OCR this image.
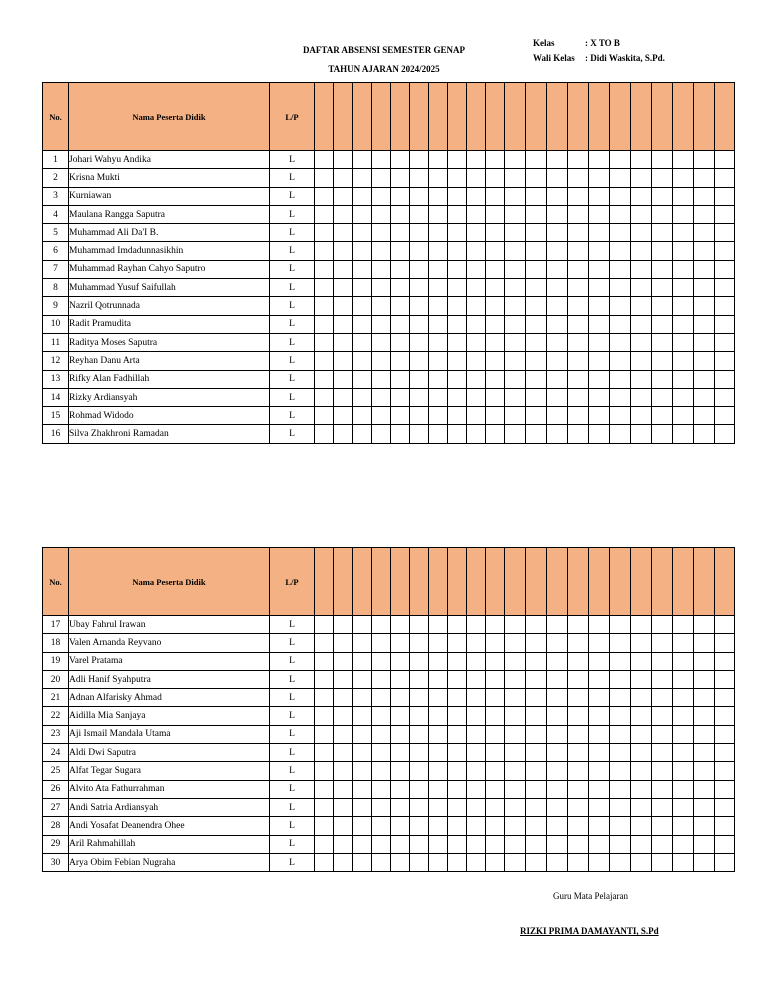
DAFTAR ABSENSI SEMESTER GENAP
TAHUN AJARAN 2024/2025
Kelas	: X TO B
Wali Kelas : Didi Waskita, S.Pd.
No.	Nama Peserta Didik	L/P																					
1	Johari Wahyu Andika	L																					
2	Krisna Mukti	L																					
3	Kurniawan	L																					
4	Maulana Rangga Saputra	L																					
5	Muhammad Ali Da'I B.	L																					
6	Muhammad Imdadunnasikhin	L																					
7	Muhammad Rayhan Cahyo Saputro	L																					
8	Muhammad Yusuf Saifullah	L																					
9	Nazril Qotrunnada	L																					
10	Radit Pramudita	L																					
11	Raditya Moses Saputra	L																					
12	Reyhan Danu Arta	L																					
13	Rifky Alan Fadhillah	L																					
14	Rizky Ardiansyah	L																					
15	Rohmad Widodo	L																					
16	Silva Zhakhroni Ramadan	L																					
No.	Nama Peserta Didik	L/P																					
17	Ubay Fahrul Irawan	L																					
18	Valen Arnanda Reyvano	L																					
19	Varel Pratama	L																					
20	Adli Hanif Syahputra	L																					
21	Adnan Alfarisky Ahmad	L																					
22	Aidilla Mia Sanjaya	L																					
23	Aji Ismail Mandala Utama	L																					
24	Aldi Dwi Saputra	L																					
25	Alfat Tegar Sugara	L																					
26	Alvito Ata Fathurrahman	L																					
27	Andi Satria Ardiansyah	L																					
28	Andi Yosafat Deanendra Ohee	L																					
29	Aril Rahmahillah	L																					
30	Arya Obim Febian Nugraha	L																					
Guru Mata Pelajaran
RIZKI PRIMA DAMAYANTI, S.Pd
